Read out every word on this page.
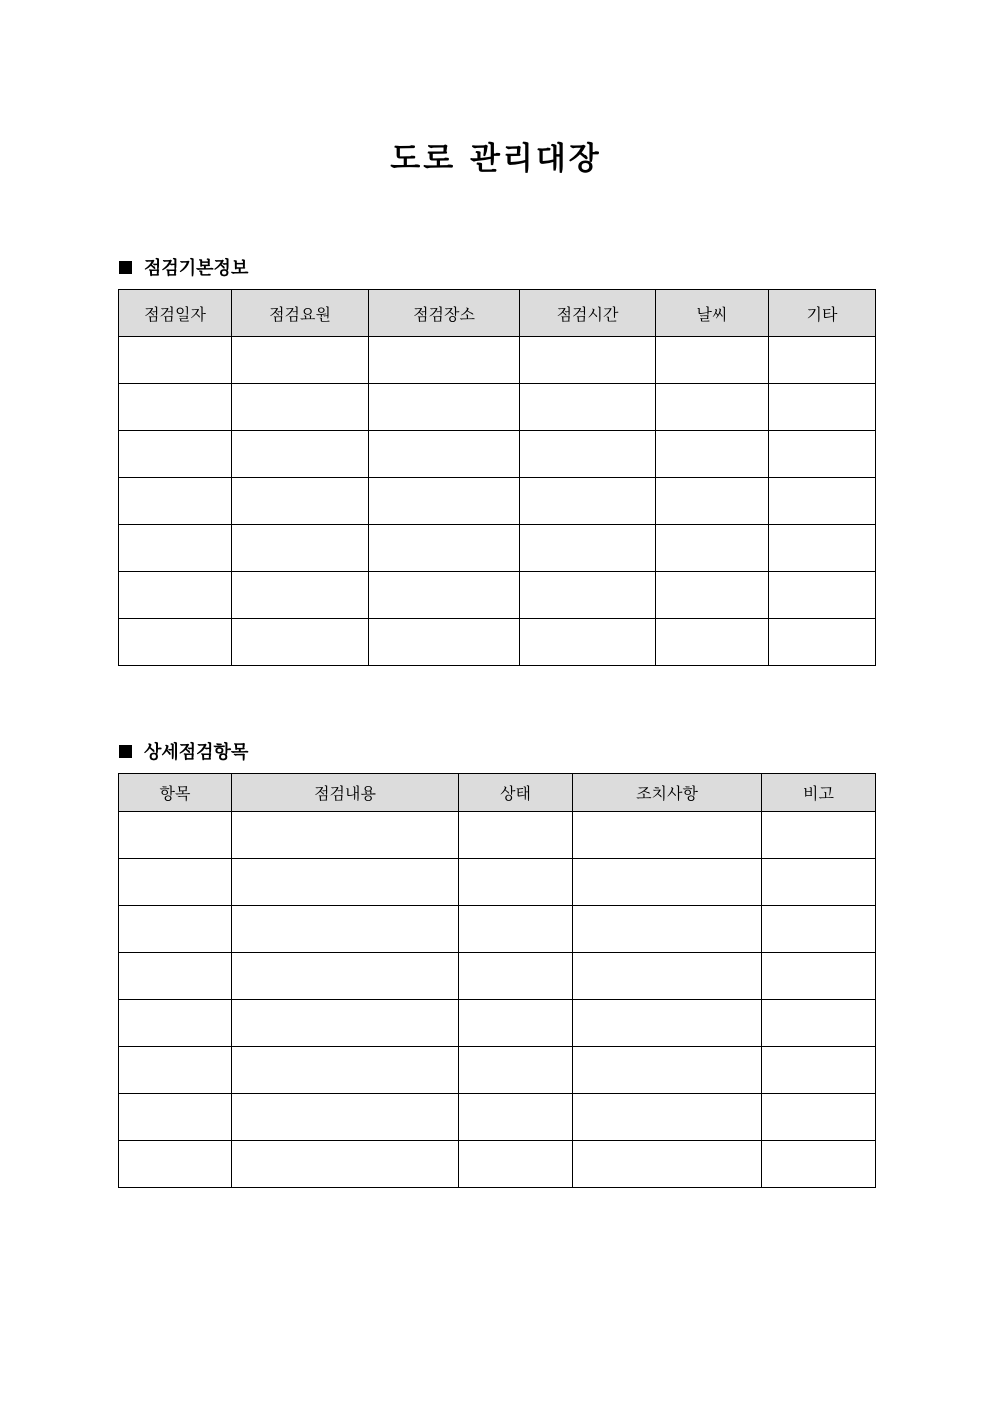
도로 관리대장
점검기본정보
점검일자	점검요원	점검장소	점검시간	날씨	기타

상세점검항목
항목	점검내용	상태	조치사항	비고
